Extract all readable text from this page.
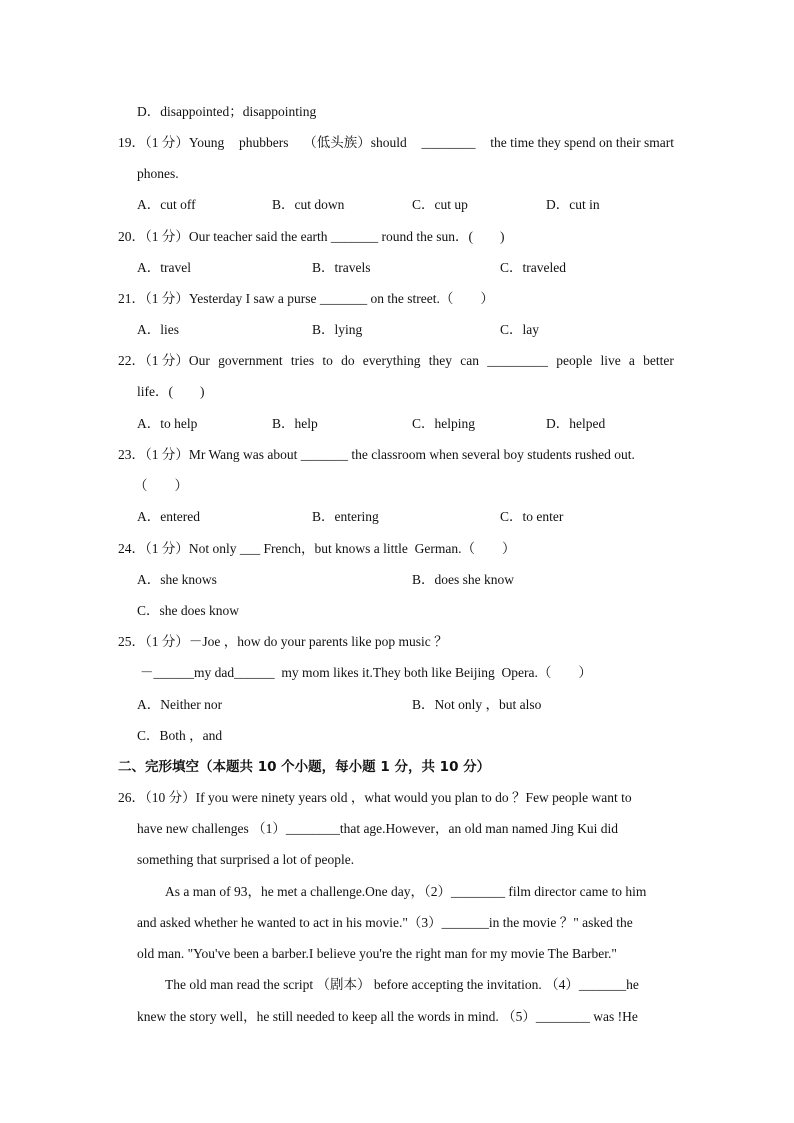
D．disappointed；disappointing
19．（1 分）Young phubbers （低头族）should ________ the time they spend on their smart
phones.
A．cut off	B．cut down	C．cut up	D．cut in
20．（1 分）Our teacher said the earth _______ round the sun．(        )
A．travel	B．travels	C．traveled
21．（1 分）Yesterday I saw a purse _______ on the street.（        ）
A．lies	B．lying	C．lay
22．（1 分）Our government tries to do everything they can _________ people live a better
life．(        )
A．to help	B．help	C．helping	D．helped
23．（1 分）Mr Wang was about _______ the classroom when several boy students rushed out.
（        ）
A．entered	B．entering	C．to enter
24．（1 分）Not only ___ French，but knows a little  German.（        ）
A．she knows	B．does she know
C．she does know
25．（1 分）－Joe ，how do your parents like pop music ？
－______my dad______  my mom likes it.They both like Beijing  Opera.（        ）
A．Neither nor	B．Not only ，but also
C．Both ，and
二、完形填空（本题共 10 个小题，每小题 1 分，共 10 分）
26．（10 分）If you were ninety years old ，what would you plan to do ？Few people want to
have new challenges （1）________that age.However，an old man named Jing Kui did
something that surprised a lot of people.
As a man of 93，he met a challenge.One day，（2）________ film director came to him
and asked whether he wanted to act in his movie."（3）_______in the movie ？" asked the
old man. "You've been a barber.I believe you're the right man for my movie The Barber."
The old man read the script （剧本） before accepting the invitation. （4）_______he
knew the story well，he still needed to keep all the words in mind. （5）________ was !He
